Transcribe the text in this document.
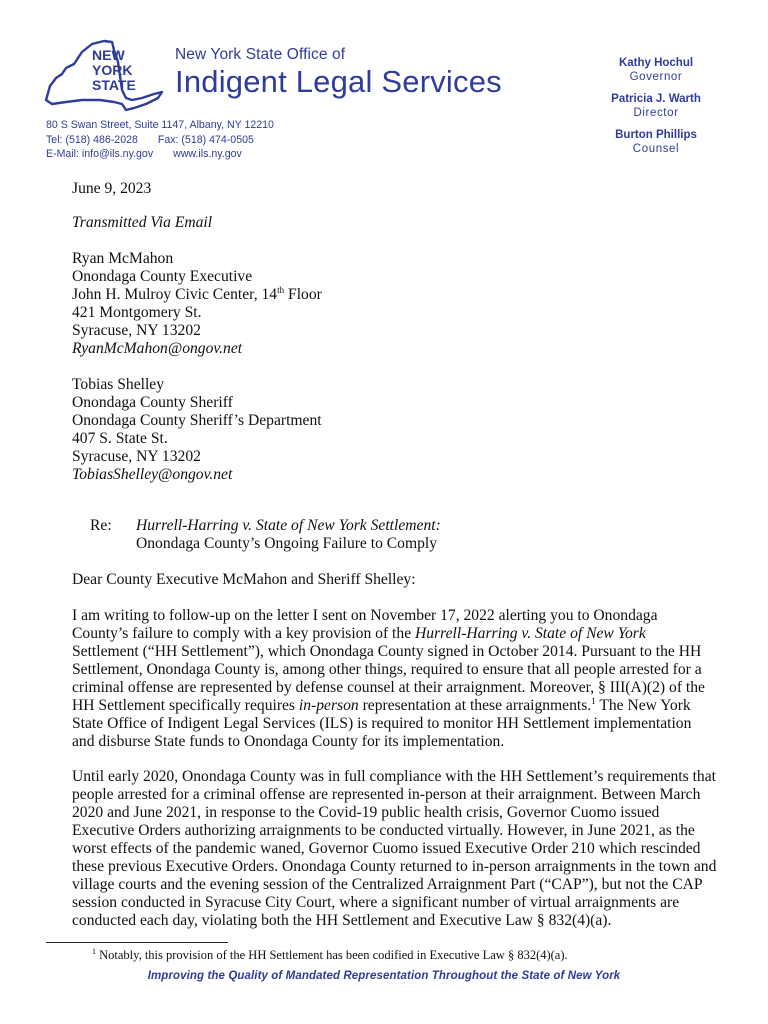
NEW
YORK
STATE
New York State Office of
Indigent Legal Services
80 S Swan Street, Suite 1147, Albany, NY 12210
Tel: (518) 486-2028 Fax: (518) 474-0505
E-Mail: info@ils.ny.gov www.ils.ny.gov
Kathy Hochul
Governor
Patricia J. Warth
Director
Burton Phillips
Counsel
June 9, 2023
Transmitted Via Email
Ryan McMahon
Onondaga County Executive
John H. Mulroy Civic Center, 14th Floor
421 Montgomery St.
Syracuse, NY 13202
RyanMcMahon@ongov.net
Tobias Shelley
Onondaga County Sheriff
Onondaga County Sheriff’s Department
407 S. State St.
Syracuse, NY 13202
TobiasShelley@ongov.net
Re: Hurrell-Harring v. State of New York Settlement:
Onondaga County’s Ongoing Failure to Comply
Dear County Executive McMahon and Sheriff Shelley:
I am writing to follow-up on the letter I sent on November 17, 2022 alerting you to Onondaga
County’s failure to comply with a key provision of the Hurrell-Harring v. State of New York
Settlement (“HH Settlement”), which Onondaga County signed in October 2014. Pursuant to the HH
Settlement, Onondaga County is, among other things, required to ensure that all people arrested for a
criminal offense are represented by defense counsel at their arraignment. Moreover, § III(A)(2) of the
HH Settlement specifically requires in-person representation at these arraignments.$^1$ The New York
State Office of Indigent Legal Services (ILS) is required to monitor HH Settlement implementation
and disburse State funds to Onondaga County for its implementation.
Until early 2020, Onondaga County was in full compliance with the HH Settlement’s requirements that
people arrested for a criminal offense are represented in-person at their arraignment. Between March
2020 and June 2021, in response to the Covid-19 public health crisis, Governor Cuomo issued
Executive Orders authorizing arraignments to be conducted virtually. However, in June 2021, as the
worst effects of the pandemic waned, Governor Cuomo issued Executive Order 210 which rescinded
these previous Executive Orders. Onondaga County returned to in-person arraignments in the town and
village courts and the evening session of the Centralized Arraignment Part (“CAP”), but not the CAP
session conducted in Syracuse City Court, where a significant number of virtual arraignments are
conducted each day, violating both the HH Settlement and Executive Law § 832(4)(a).
$^1$ Notably, this provision of the HH Settlement has been codified in Executive Law § 832(4)(a).
Improving the Quality of Mandated Representation Throughout the State of New York
